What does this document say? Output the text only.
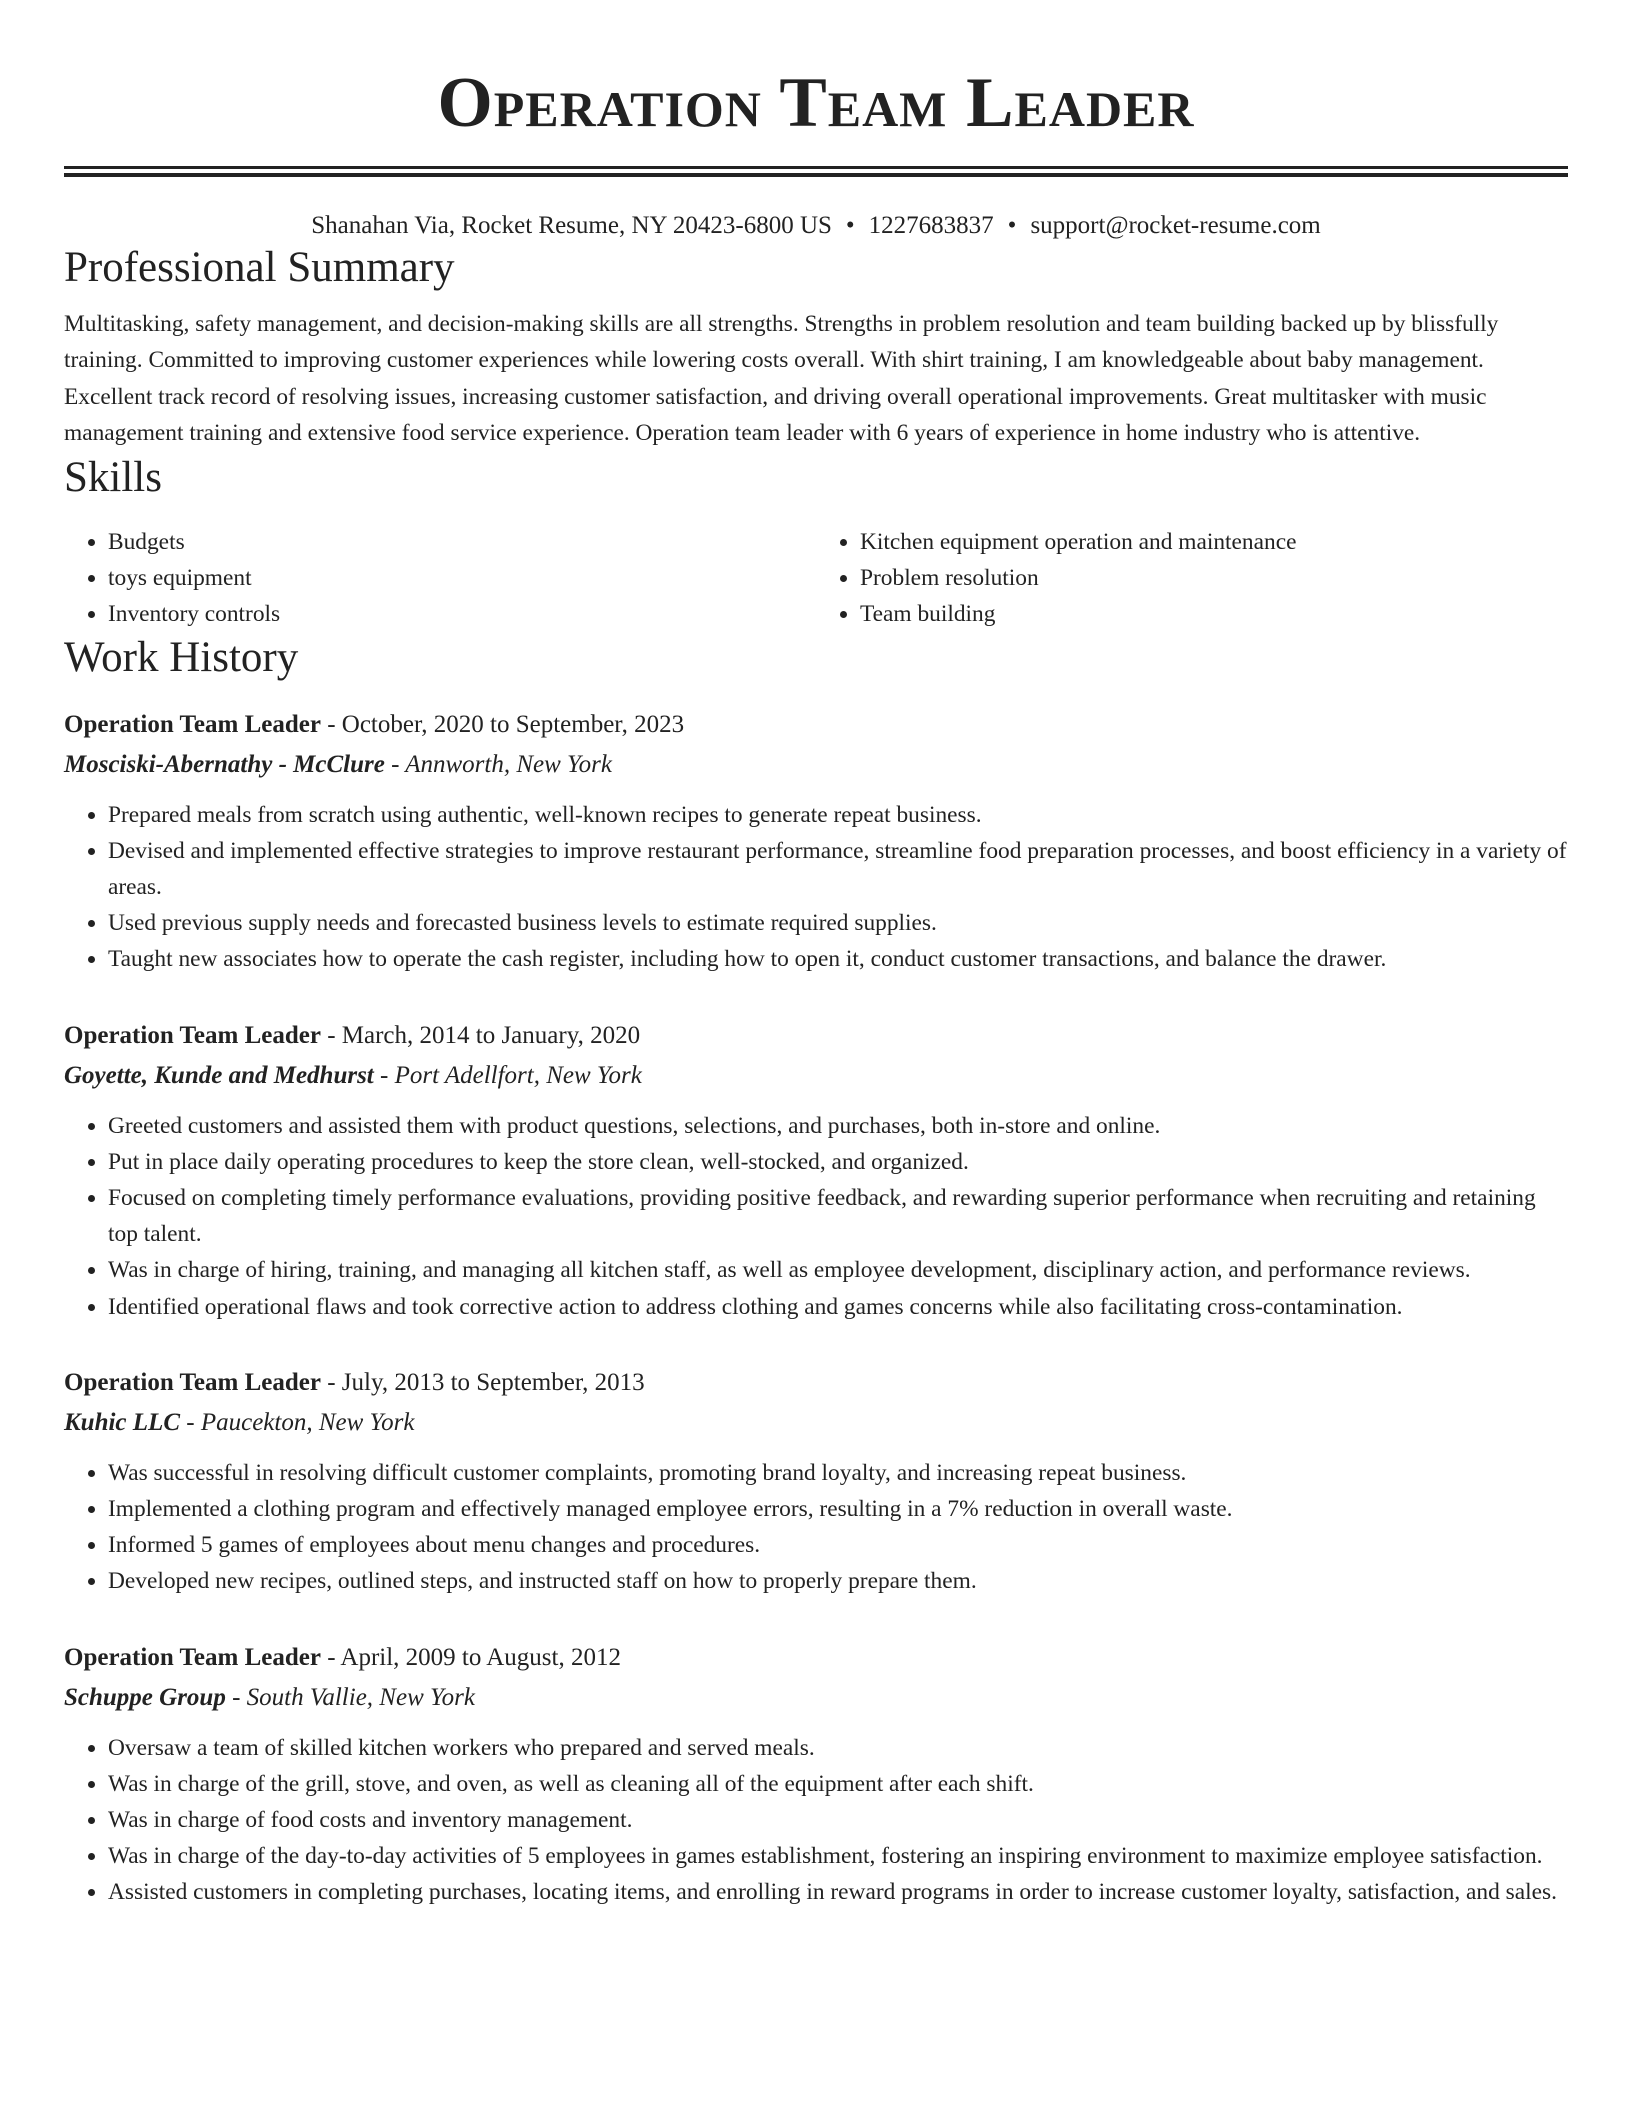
Operation Team Leader
Shanahan Via, Rocket Resume, NY 20423-6800 US • 1227683837 • support@rocket-resume.com
Professional Summary

Multitasking, safety management, and decision-making skills are all strengths. Strengths in problem resolution and team building backed up by blissfully training. Committed to improving customer experiences while lowering costs overall. With shirt training, I am knowledgeable about baby management. Excellent track record of resolving issues, increasing customer satisfaction, and driving overall operational improvements. Great multitasker with music management training and extensive food service experience. Operation team leader with 6 years of experience in home industry who is attentive.

Skills
• Budgets
• toys equipment
• Inventory controls
• Kitchen equipment operation and maintenance
• Problem resolution
• Team building
Work History
Operation Team Leader - October, 2020 to September, 2023
Mosciski-Abernathy - McClure - Annworth, New York
• Prepared meals from scratch using authentic, well-known recipes to generate repeat business.
• Devised and implemented effective strategies to improve restaurant performance, streamline food preparation processes, and boost efficiency in a variety of areas.
• Used previous supply needs and forecasted business levels to estimate required supplies.
• Taught new associates how to operate the cash register, including how to open it, conduct customer transactions, and balance the drawer.
Operation Team Leader - March, 2014 to January, 2020
Goyette, Kunde and Medhurst - Port Adellfort, New York
• Greeted customers and assisted them with product questions, selections, and purchases, both in-store and online.
• Put in place daily operating procedures to keep the store clean, well-stocked, and organized.
• Focused on completing timely performance evaluations, providing positive feedback, and rewarding superior performance when recruiting and retaining top talent.
• Was in charge of hiring, training, and managing all kitchen staff, as well as employee development, disciplinary action, and performance reviews.
• Identified operational flaws and took corrective action to address clothing and games concerns while also facilitating cross-contamination.
Operation Team Leader - July, 2013 to September, 2013
Kuhic LLC - Paucekton, New York
• Was successful in resolving difficult customer complaints, promoting brand loyalty, and increasing repeat business.
• Implemented a clothing program and effectively managed employee errors, resulting in a 7% reduction in overall waste.
• Informed 5 games of employees about menu changes and procedures.
• Developed new recipes, outlined steps, and instructed staff on how to properly prepare them.
Operation Team Leader - April, 2009 to August, 2012
Schuppe Group - South Vallie, New York
• Oversaw a team of skilled kitchen workers who prepared and served meals.
• Was in charge of the grill, stove, and oven, as well as cleaning all of the equipment after each shift.
• Was in charge of food costs and inventory management.
• Was in charge of the day-to-day activities of 5 employees in games establishment, fostering an inspiring environment to maximize employee satisfaction.
• Assisted customers in completing purchases, locating items, and enrolling in reward programs in order to increase customer loyalty, satisfaction, and sales.
